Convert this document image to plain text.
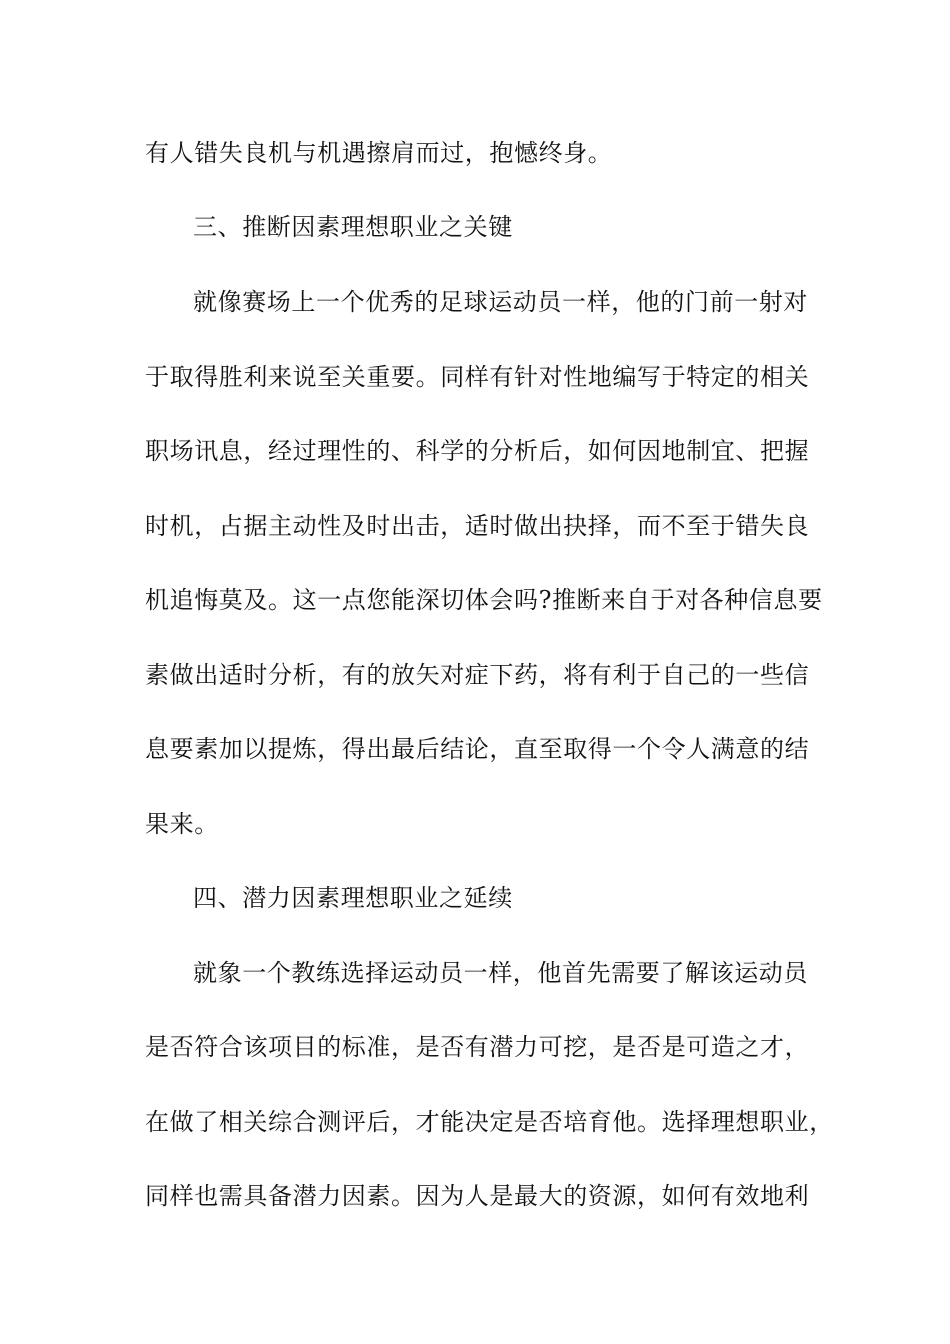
有人错失良机与机遇擦肩而过，抱憾终身。
三、推断因素理想职业之关键
就像赛场上一个优秀的足球运动员一样，他的门前一射对
于取得胜利来说至关重要。同样有针对性地编写于特定的相关
职场讯息，经过理性的、科学的分析后，如何因地制宜、把握
时机，占据主动性及时出击，适时做出抉择，而不至于错失良
机追悔莫及。这一点您能深切体会吗?推断来自于对各种信息要
素做出适时分析，有的放矢对症下药，将有利于自己的一些信
息要素加以提炼，得出最后结论，直至取得一个令人满意的结
果来。
四、潜力因素理想职业之延续
就象一个教练选择运动员一样，他首先需要了解该运动员
是否符合该项目的标准，是否有潜力可挖，是否是可造之才，
在做了相关综合测评后，才能决定是否培育他。选择理想职业，
同样也需具备潜力因素。因为人是最大的资源，如何有效地利
